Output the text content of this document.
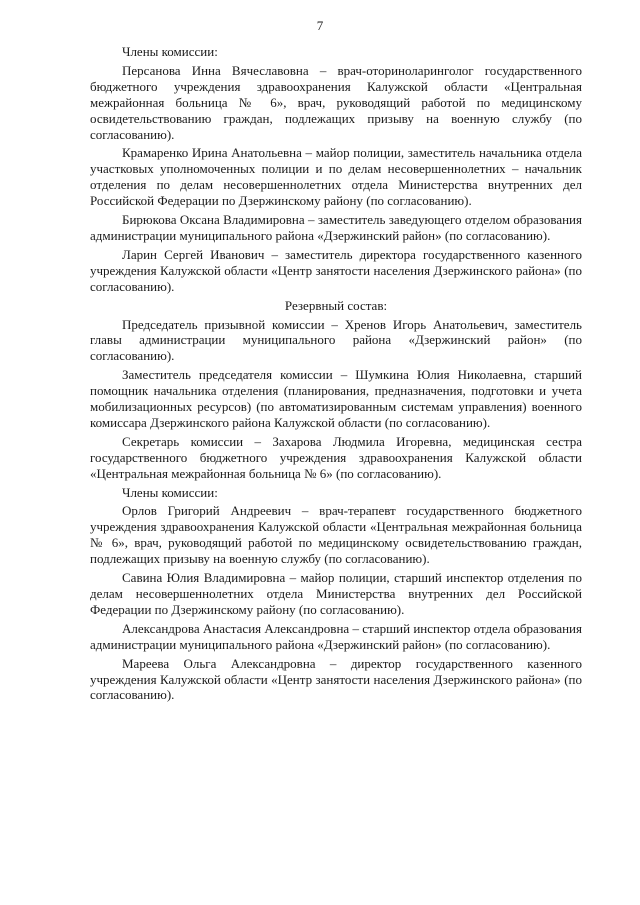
7

Члены комиссии:

Персанова Инна Вячеславовна – врач-оториноларинголог государственного бюджетного учреждения здравоохранения Калужской области «Центральная межрайонная больница № 6», врач, руководящий работой по медицинскому освидетельствованию граждан, подлежащих призыву на военную службу (по согласованию).

Крамаренко Ирина Анатольевна – майор полиции, заместитель начальника отдела участковых уполномоченных полиции и по делам несовершеннолетних – начальник отделения по делам несовершеннолетних отдела Министерства внутренних дел Российской Федерации по Дзержинскому району (по согласованию).

Бирюкова Оксана Владимировна – заместитель заведующего отделом образования администрации муниципального района «Дзержинский район» (по согласованию).

Ларин Сергей Иванович – заместитель директора государственного казенного учреждения Калужской области «Центр занятости населения Дзержинского района» (по согласованию).

Резервный состав:

Председатель призывной комиссии – Хренов Игорь Анатольевич, заместитель главы администрации муниципального района «Дзержинский район» (по согласованию).

Заместитель председателя комиссии – Шумкина Юлия Николаевна, старший помощник начальника отделения (планирования, предназначения, подготовки и учета мобилизационных ресурсов) (по автоматизированным системам управления) военного комиссара Дзержинского района Калужской области (по согласованию).

Секретарь комиссии – Захарова Людмила Игоревна, медицинская сестра государственного бюджетного учреждения здравоохранения Калужской области «Центральная межрайонная больница № 6» (по согласованию).

Члены комиссии:

Орлов Григорий Андреевич – врач-терапевт государственного бюджетного учреждения здравоохранения Калужской области «Центральная межрайонная больница № 6», врач, руководящий работой по медицинскому освидетельствованию граждан, подлежащих призыву на военную службу (по согласованию).

Савина Юлия Владимировна – майор полиции, старший инспектор отделения по делам несовершеннолетних отдела Министерства внутренних дел Российской Федерации по Дзержинскому району (по согласованию).

Александрова Анастасия Александровна – старший инспектор отдела образования администрации муниципального района «Дзержинский район» (по согласованию).

Мареева Ольга Александровна – директор государственного казенного учреждения Калужской области «Центр занятости населения Дзержинского района» (по согласованию).
